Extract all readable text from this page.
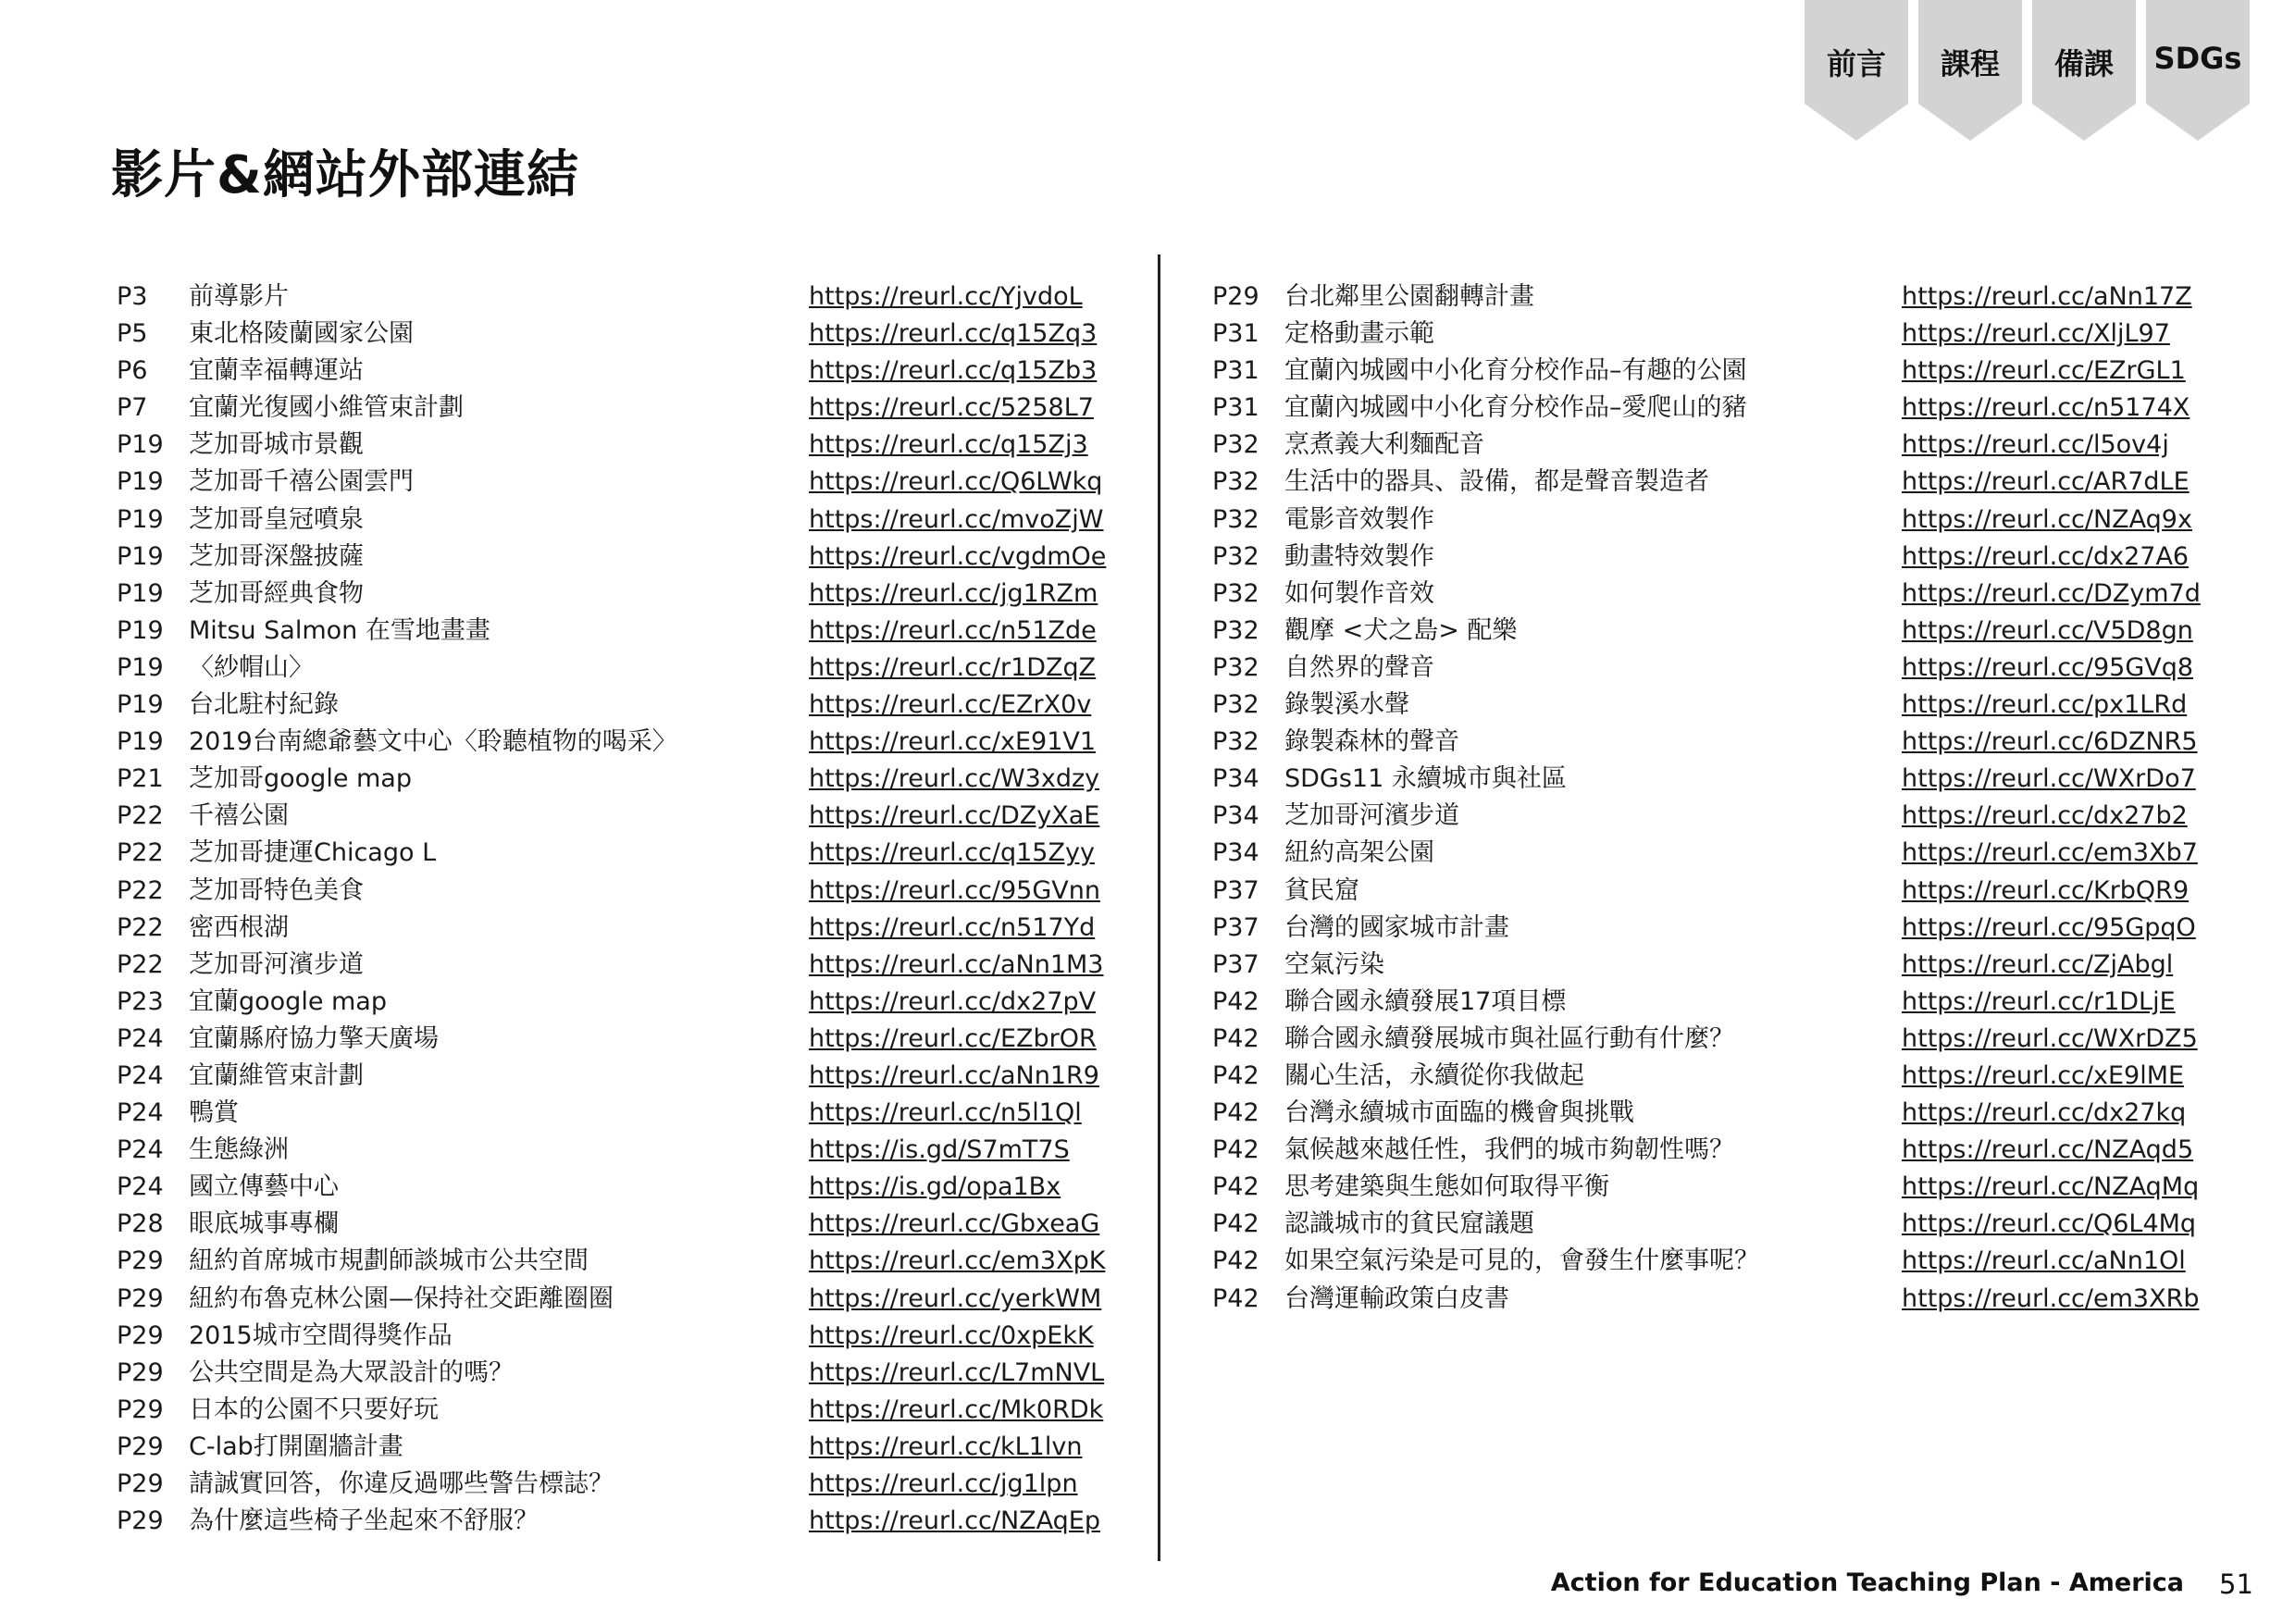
前言	課程	備課	SDGs
影片&網站外部連結
P3 前導影片	https://reurl.cc/YjvdoL
P5 東北格陵蘭國家公園	https://reurl.cc/q15Zq3
P6 宜蘭幸福轉運站	https://reurl.cc/q15Zb3
P7 宜蘭光復國小維管束計劃	https://reurl.cc/5258L7
P19 芝加哥城市景觀	https://reurl.cc/q15Zj3
P19 芝加哥千禧公園雲門	https://reurl.cc/Q6LWkq
P19 芝加哥皇冠噴泉	https://reurl.cc/mvoZjW
P19 芝加哥深盤披薩	https://reurl.cc/vgdmOe
P19 芝加哥經典食物	https://reurl.cc/jg1RZm
P19 Mitsu Salmon 在雪地畫畫	https://reurl.cc/n51Zde
P19 〈紗帽山〉	https://reurl.cc/r1DZqZ
P19 台北駐村紀錄	https://reurl.cc/EZrX0v
P19 2019台南總爺藝文中心〈聆聽植物的喝采〉	https://reurl.cc/xE91V1
P21 芝加哥google map	https://reurl.cc/W3xdzy
P22 千禧公園	https://reurl.cc/DZyXaE
P22 芝加哥捷運Chicago L	https://reurl.cc/q15Zyy
P22 芝加哥特色美食	https://reurl.cc/95GVnn
P22 密西根湖	https://reurl.cc/n517Yd
P22 芝加哥河濱步道	https://reurl.cc/aNn1M3
P23 宜蘭google map	https://reurl.cc/dx27pV
P24 宜蘭縣府協力擎天廣場	https://reurl.cc/EZbrOR
P24 宜蘭維管束計劃	https://reurl.cc/aNn1R9
P24 鴨賞	https://reurl.cc/n5l1Ql
P24 生態綠洲	https://is.gd/S7mT7S
P24 國立傳藝中心	https://is.gd/opa1Bx
P28 眼底城事專欄	https://reurl.cc/GbxeaG
P29 紐約首席城市規劃師談城市公共空間	https://reurl.cc/em3XpK
P29 紐約布魯克林公園—保持社交距離圈圈	https://reurl.cc/yerkWM
P29 2015城市空間得獎作品	https://reurl.cc/0xpEkK
P29 公共空間是為大眾設計的嗎？	https://reurl.cc/L7mNVL
P29 日本的公園不只要好玩	https://reurl.cc/Mk0RDk
P29 C-lab打開圍牆計畫	https://reurl.cc/kL1lvn
P29 請誠實回答，你違反過哪些警告標誌？	https://reurl.cc/jg1lpn
P29 為什麼這些椅子坐起來不舒服？	https://reurl.cc/NZAqEp
P29 台北鄰里公園翻轉計畫	https://reurl.cc/aNn17Z
P31 定格動畫示範	https://reurl.cc/XljL97
P31 宜蘭內城國中小化育分校作品–有趣的公園	https://reurl.cc/EZrGL1
P31 宜蘭內城國中小化育分校作品–愛爬山的豬	https://reurl.cc/n5174X
P32 烹煮義大利麵配音	https://reurl.cc/l5ov4j
P32 生活中的器具、設備，都是聲音製造者	https://reurl.cc/AR7dLE
P32 電影音效製作	https://reurl.cc/NZAq9x
P32 動畫特效製作	https://reurl.cc/dx27A6
P32 如何製作音效	https://reurl.cc/DZym7d
P32 觀摩 <犬之島> 配樂	https://reurl.cc/V5D8gn
P32 自然界的聲音	https://reurl.cc/95GVq8
P32 錄製溪水聲	https://reurl.cc/px1LRd
P32 錄製森林的聲音	https://reurl.cc/6DZNR5
P34 SDGs11 永續城市與社區	https://reurl.cc/WXrDo7
P34 芝加哥河濱步道	https://reurl.cc/dx27b2
P34 紐約高架公園	https://reurl.cc/em3Xb7
P37 貧民窟	https://reurl.cc/KrbQR9
P37 台灣的國家城市計畫	https://reurl.cc/95GpqO
P37 空氣污染	https://reurl.cc/ZjAbgl
P42 聯合國永續發展17項目標	https://reurl.cc/r1DLjE
P42 聯合國永續發展城市與社區行動有什麼？	https://reurl.cc/WXrDZ5
P42 關心生活，永續從你我做起	https://reurl.cc/xE9lME
P42 台灣永續城市面臨的機會與挑戰	https://reurl.cc/dx27kq
P42 氣候越來越任性，我們的城市夠韌性嗎？	https://reurl.cc/NZAqd5
P42 思考建築與生態如何取得平衡	https://reurl.cc/NZAqMq
P42 認識城市的貧民窟議題	https://reurl.cc/Q6L4Mq
P42 如果空氣污染是可見的，會發生什麼事呢？	https://reurl.cc/aNn1Ol
P42 台灣運輸政策白皮書	https://reurl.cc/em3XRb
Action for Education Teaching Plan - America 51
